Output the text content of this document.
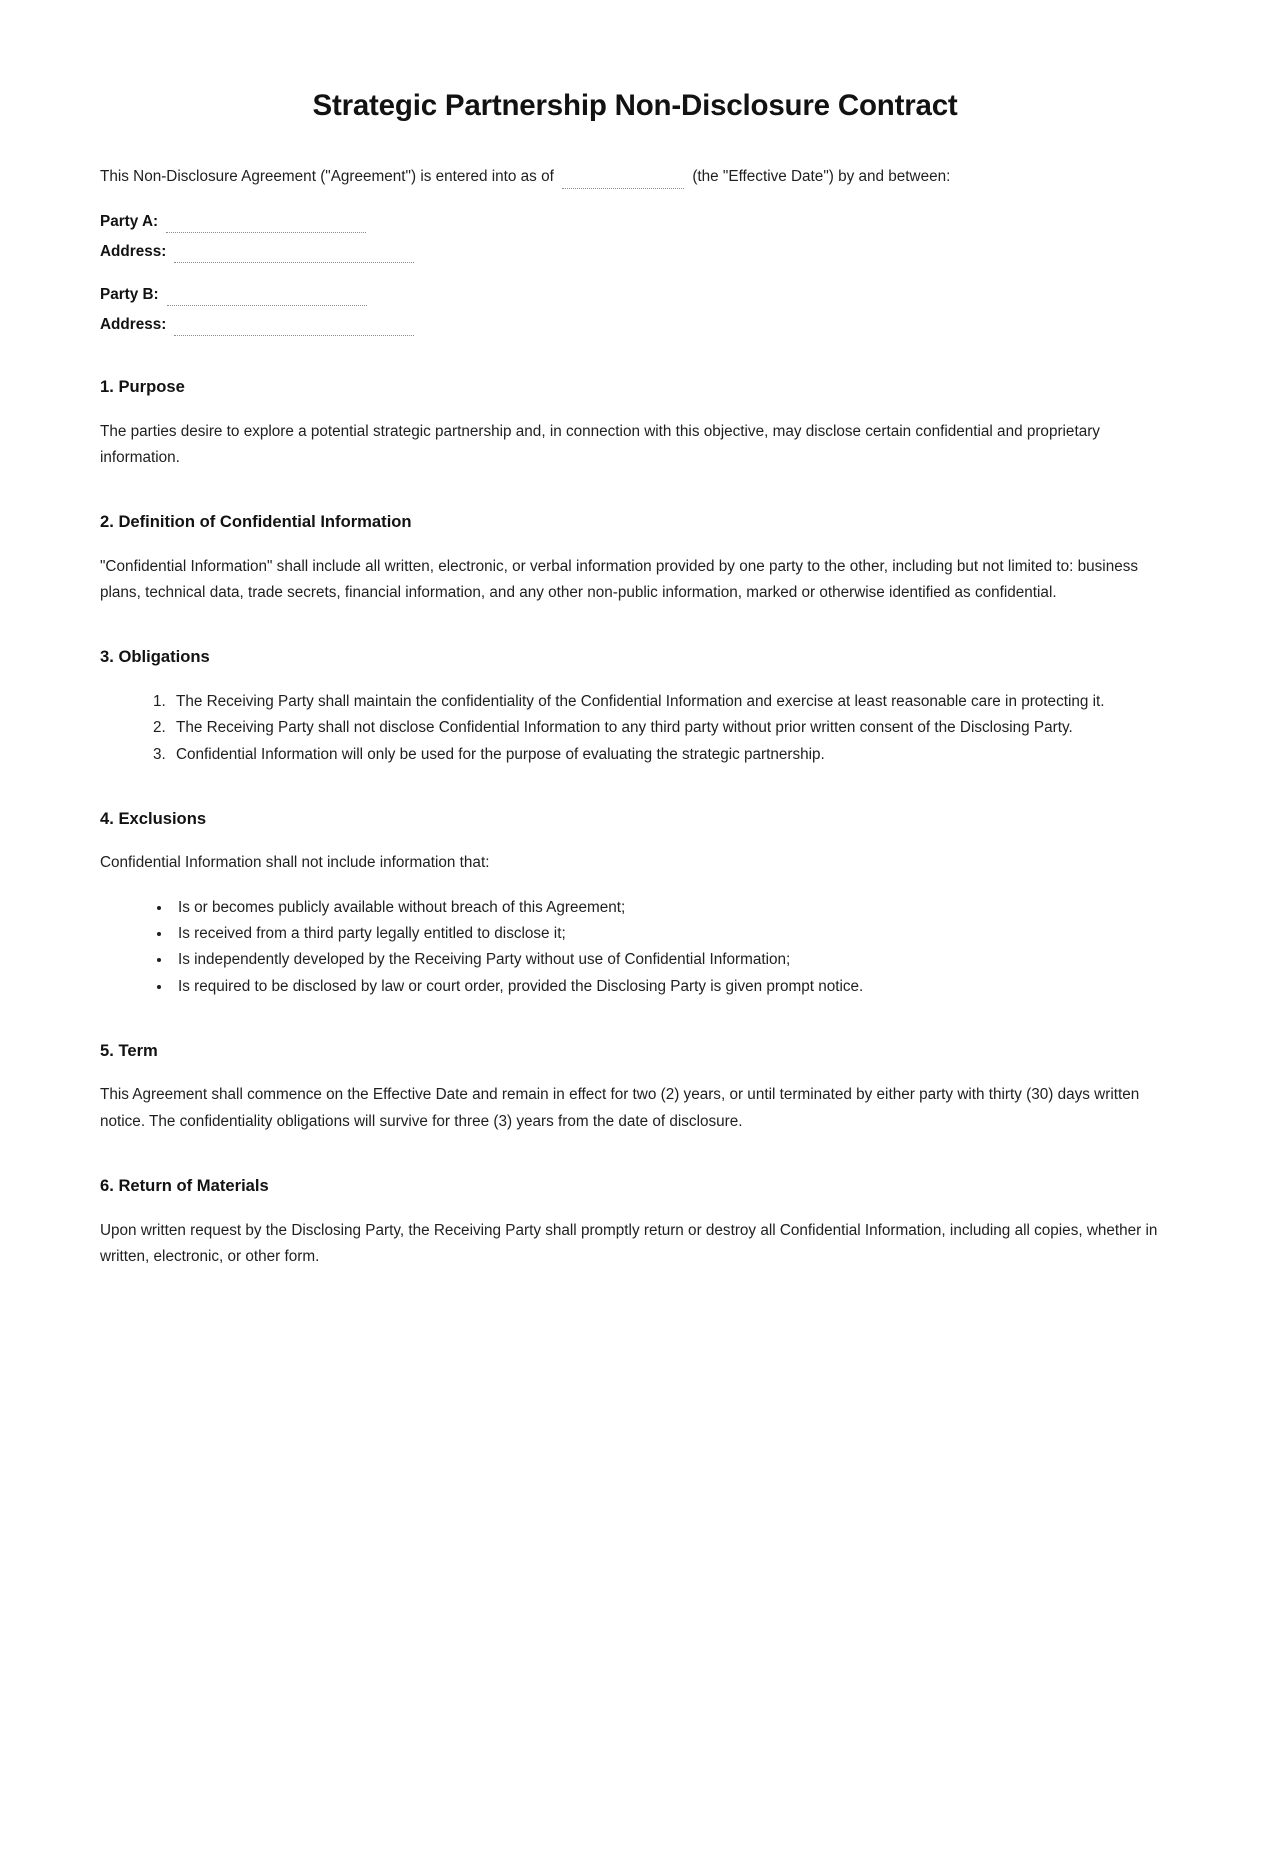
Strategic Partnership Non-Disclosure Contract

This Non-Disclosure Agreement ("Agreement") is entered into as of	(the "Effective Date") by and between:

Party A:
Address:
Party B:
Address:
1. Purpose

The parties desire to explore a potential strategic partnership and, in connection with this objective, may disclose certain confidential and proprietary information.

2. Definition of Confidential Information

"Confidential Information" shall include all written, electronic, or verbal information provided by one party to the other, including but not limited to: business plans, technical data, trade secrets, financial information, and any other non-public information, marked or otherwise identified as confidential.

3. Obligations
1. The Receiving Party shall maintain the confidentiality of the Confidential Information and exercise at least reasonable care in protecting it.
2. The Receiving Party shall not disclose Confidential Information to any third party without prior written consent of the Disclosing Party.
3. Confidential Information will only be used for the purpose of evaluating the strategic partnership.
4. Exclusions

Confidential Information shall not include information that:

• Is or becomes publicly available without breach of this Agreement;
• Is received from a third party legally entitled to disclose it;
• Is independently developed by the Receiving Party without use of Confidential Information;
• Is required to be disclosed by law or court order, provided the Disclosing Party is given prompt notice.
5. Term

This Agreement shall commence on the Effective Date and remain in effect for two (2) years, or until terminated by either party with thirty (30) days written notice. The confidentiality obligations will survive for three (3) years from the date of disclosure.

6. Return of Materials

Upon written request by the Disclosing Party, the Receiving Party shall promptly return or destroy all Confidential Information, including all copies, whether in written, electronic, or other form.
